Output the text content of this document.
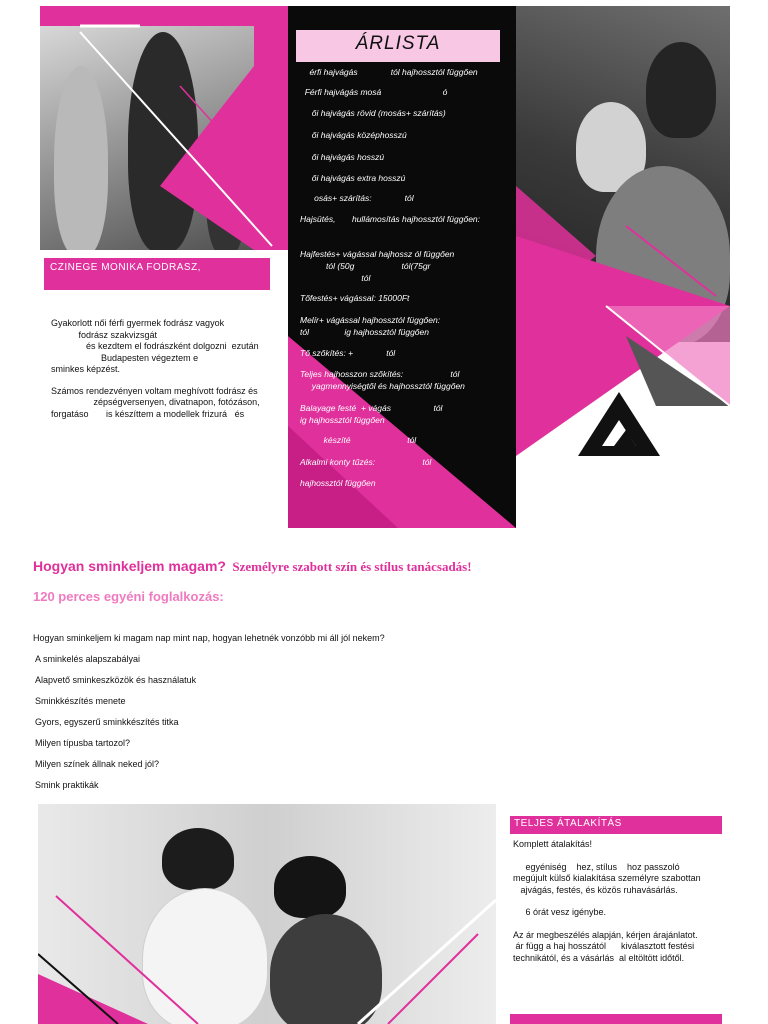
CZINEGE MONIKA FODRASZ,

Gyakorlott női férfi gyermek fodrász vagyok

fodrász szakvizsgát

és kezdtem el fodrászként dolgozni  ezután

Budapesten végeztem e

sminkes képzést.

Számos rendezvényen voltam meghívott fodrász és

zépségversenyen, divatnapon, fotózáson,

forgatáso       is készíttem a modellek frizurá   és

ÁRLISTA
érfi hajvágás              tól hajhossztól függően
Férfi hajvágás mosá                          ó
ői hajvágás rövid (mosás+ szárítás)
ői hajvágás középhosszú
ői hajvágás hosszú
ői hajvágás extra hosszú
osás+ szárítás:              tól
Hajsütés,       hullámosítás hajhossztól függően:
Hajfestés+ vágással hajhossz ól függően
tól (50g                    tól(75gr
tól
Tőfestés+ vágással: 15000Ft
Melír+ vágással hajhossztól függően:
tól               ig hajhossztól függően
Tő szőkítés: +              tól
Teljes hajhosszon szőkítés:                    tól
yagmennyiségtől és hajhossztól függően
Balayage festé  + vágás                  tól
ig hajhossztól függően
készíté                        tól
Alkalmi konty tűzés:                    tól
hajhossztól függően
Hogyan sminkeljem magam? Személyre szabott szín és stílus tanácsadás!
120 perces egyéni foglalkozás:
Hogyan sminkeljem ki magam nap mint nap, hogyan lehetnék vonzóbb mi áll jól nekem?
A sminkelés alapszabályai
Alapvető sminkeszközök és használatuk
Sminkkészítés menete
Gyors, egyszerű sminkkészítés titka
Milyen típusba tartozol?
Milyen színek állnak neked jól?
Smink praktikák
TELJES ÁTALAKÍTÁS

Komplett átalakítás!

egyéniség    hez, stílus    hoz passzoló

megújult külső kialakítása személyre szabottan

ajvágás, festés, és közös ruhavásárlás.

6 órát vesz igénybe.

Az ár megbeszélés alapján, kérjen árajánlatot.

ár függ a haj hosszától      kiválasztott festési

technikától, és a vásárlás  al eltöltött időtől.
